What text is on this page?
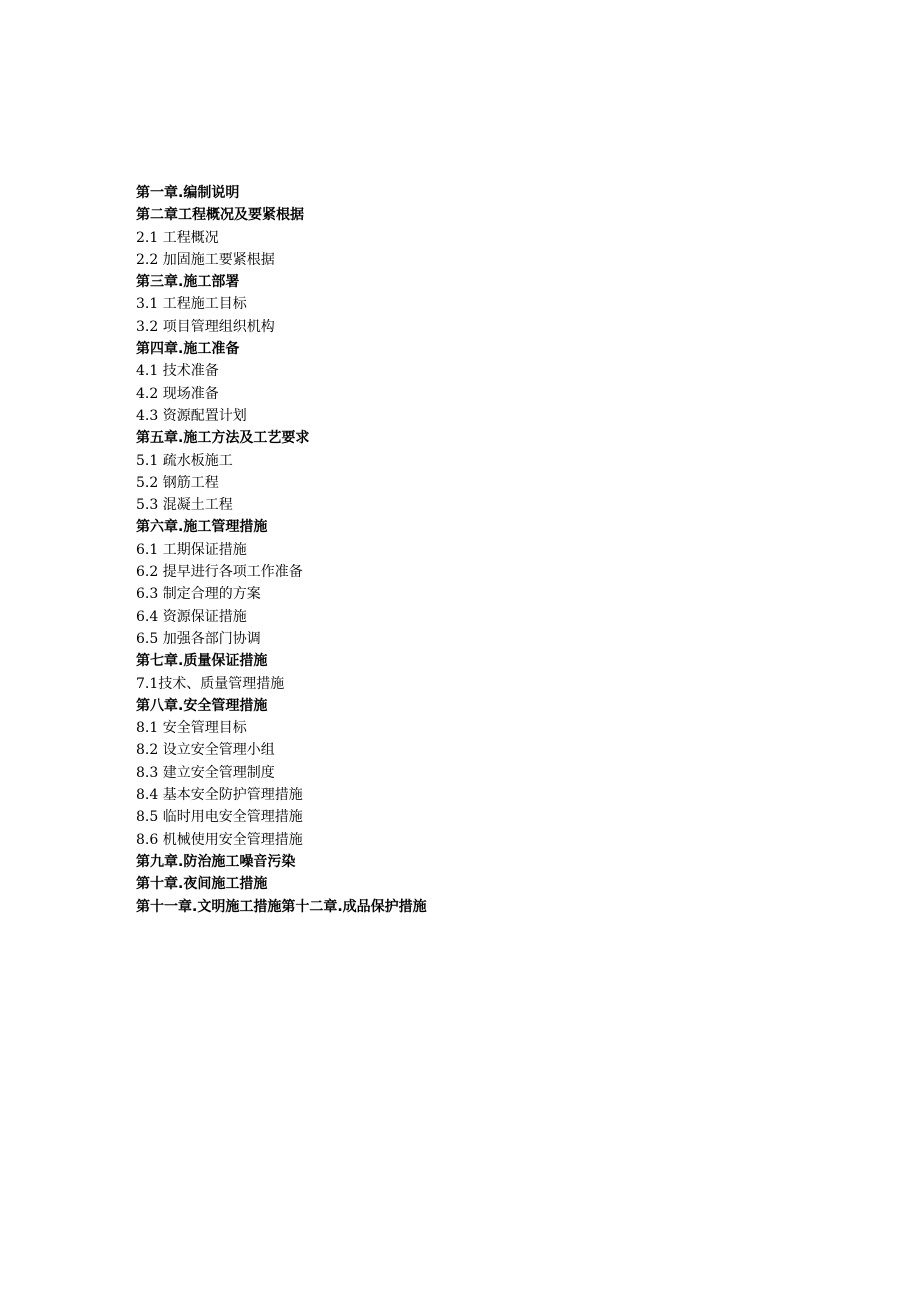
第一章.编制说明
第二章工程概况及要紧根据
2.1 工程概况
2.2 加固施工要紧根据
第三章.施工部署
3.1 工程施工目标
3.2 项目管理组织机构
第四章.施工准备
4.1 技术准备
4.2 现场准备
4.3 资源配置计划
第五章.施工方法及工艺要求
5.1 疏水板施工
5.2 钢筋工程
5.3 混凝土工程
第六章.施工管理措施
6.1 工期保证措施
6.2 提早进行各项工作准备
6.3 制定合理的方案
6.4 资源保证措施
6.5 加强各部门协调
第七章.质量保证措施
7.1技术、质量管理措施
第八章.安全管理措施
8.1 安全管理目标
8.2 设立安全管理小组
8.3 建立安全管理制度
8.4 基本安全防护管理措施
8.5 临时用电安全管理措施
8.6 机械使用安全管理措施
第九章.防治施工噪音污染
第十章.夜间施工措施
第十一章.文明施工措施第十二章.成品保护措施
